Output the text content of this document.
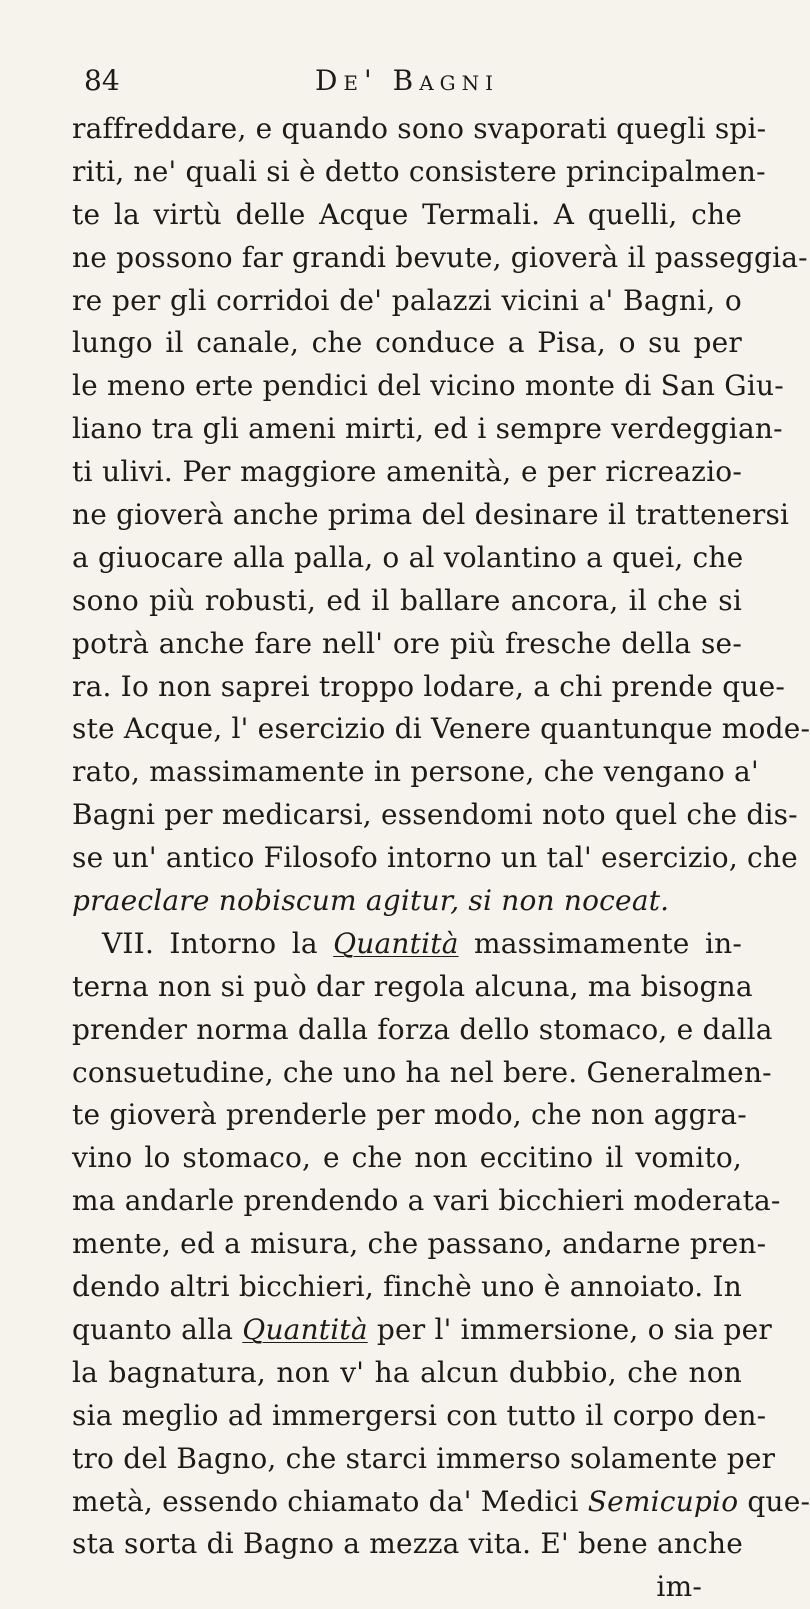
84	De' Bagni
raffreddare, e quando sono svaporati quegli spi-
riti, ne' quali si è detto consistere principalmen-
te la virtù delle Acque Termali. A quelli, che
ne possono far grandi bevute, gioverà il passeggia-
re per gli corridoi de' palazzi vicini a' Bagni, o
lungo il canale, che conduce a Pisa, o su per
le meno erte pendici del vicino monte di San Giu-
liano tra gli ameni mirti, ed i sempre verdeggian-
ti ulivi. Per maggiore amenità, e per ricreazio-
ne gioverà anche prima del desinare il trattenersi
a giuocare alla palla, o al volantino a quei, che
sono più robusti, ed il ballare ancora, il che si
potrà anche fare nell' ore più fresche della se-
ra. Io non saprei troppo lodare, a chi prende que-
ste Acque, l' esercizio di Venere quantunque mode-
rato, massimamente in persone, che vengano a'
Bagni per medicarsi, essendomi noto quel che dis-
se un' antico Filosofo intorno un tal' esercizio, che
praeclare nobiscum agitur, si non noceat.
VII. Intorno la Quantità massimamente in-
terna non si può dar regola alcuna, ma bisogna
prender norma dalla forza dello stomaco, e dalla
consuetudine, che uno ha nel bere. Generalmen-
te gioverà prenderle per modo, che non aggra-
vino lo stomaco, e che non eccitino il vomito,
ma andarle prendendo a vari bicchieri moderata-
mente, ed a misura, che passano, andarne pren-
dendo altri bicchieri, finchè uno è annoiato. In
quanto alla Quantità per l' immersione, o sia per
la bagnatura, non v' ha alcun dubbio, che non
sia meglio ad immergersi con tutto il corpo den-
tro del Bagno, che starci immerso solamente per
metà, essendo chiamato da' Medici Semicupio que-
sta sorta di Bagno a mezza vita. E' bene anche
im-
